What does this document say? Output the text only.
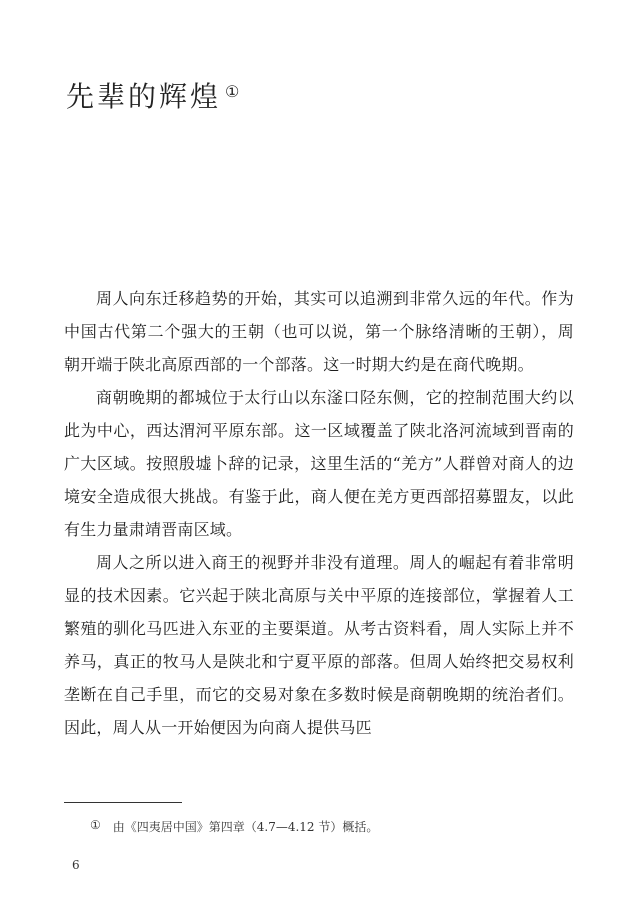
先辈的辉煌 ①

周人向东迁移趋势的开始，其实可以追溯到非常久远的年代。作为中国古代第二个强大的王朝（也可以说，第一个脉络清晰的王朝），周朝开端于陕北高原西部的一个部落。这一时期大约是在商代晚期。

商朝晚期的都城位于太行山以东滏口陉东侧，它的控制范围大约以此为中心，西达渭河平原东部。这一区域覆盖了陕北洛河流域到晋南的广大区域。按照殷墟卜辞的记录，这里生活的“羌方”人群曾对商人的边境安全造成很大挑战。有鉴于此，商人便在羌方更西部招募盟友，以此有生力量肃靖晋南区域。

周人之所以进入商王的视野并非没有道理。周人的崛起有着非常明显的技术因素。它兴起于陕北高原与关中平原的连接部位，掌握着人工繁殖的驯化马匹进入东亚的主要渠道。从考古资料看，周人实际上并不养马，真正的牧马人是陕北和宁夏平原的部落。但周人始终把交易权利垄断在自己手里，而它的交易对象在多数时候是商朝晚期的统治者们。因此，周人从一开始便因为向商人提供马匹

① 由《四夷居中国》第四章（4.7—4.12 节）概括。
6
